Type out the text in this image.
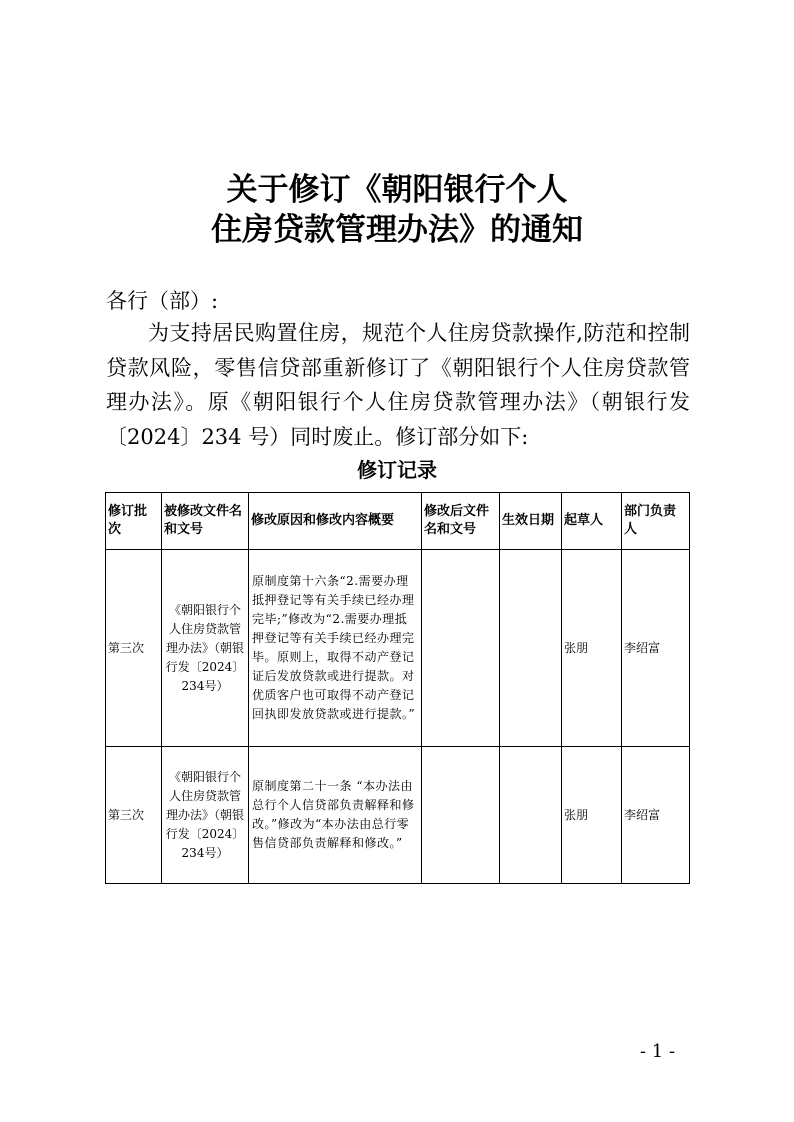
关于修订《朝阳银行个人
住房贷款管理办法》的通知
各行（部）:
为支持居民购置住房，规范个人住房贷款操作,防范和控制贷款风险，零售信贷部重新修订了《朝阳银行个人住房贷款管理办法》。原《朝阳银行个人住房贷款管理办法》（朝银行发〔2024〕234 号）同时废止。修订部分如下:
修订记录
修订批次	被修改文件名和文号	修改原因和修改内容概要	修改后文件名和文号	生效日期	起草人	部门负责人
第三次	《朝阳银行个人住房贷款管理办法》（朝银行发〔2024〕234号）	原制度第十六条“2.需要办理抵押登记等有关手续已经办理完毕;”修改为“2.需要办理抵押登记等有关手续已经办理完毕。原则上，取得不动产登记证后发放贷款或进行提款。对优质客户也可取得不动产登记回执即发放贷款或进行提款。”			张朋	李绍富
第三次	《朝阳银行个人住房贷款管理办法》（朝银行发〔2024〕234号）	原制度第二十一条 “本办法由总行个人信贷部负责解释和修改。”修改为“本办法由总行零售信贷部负责解释和修改。”			张朋	李绍富
- 1 -
